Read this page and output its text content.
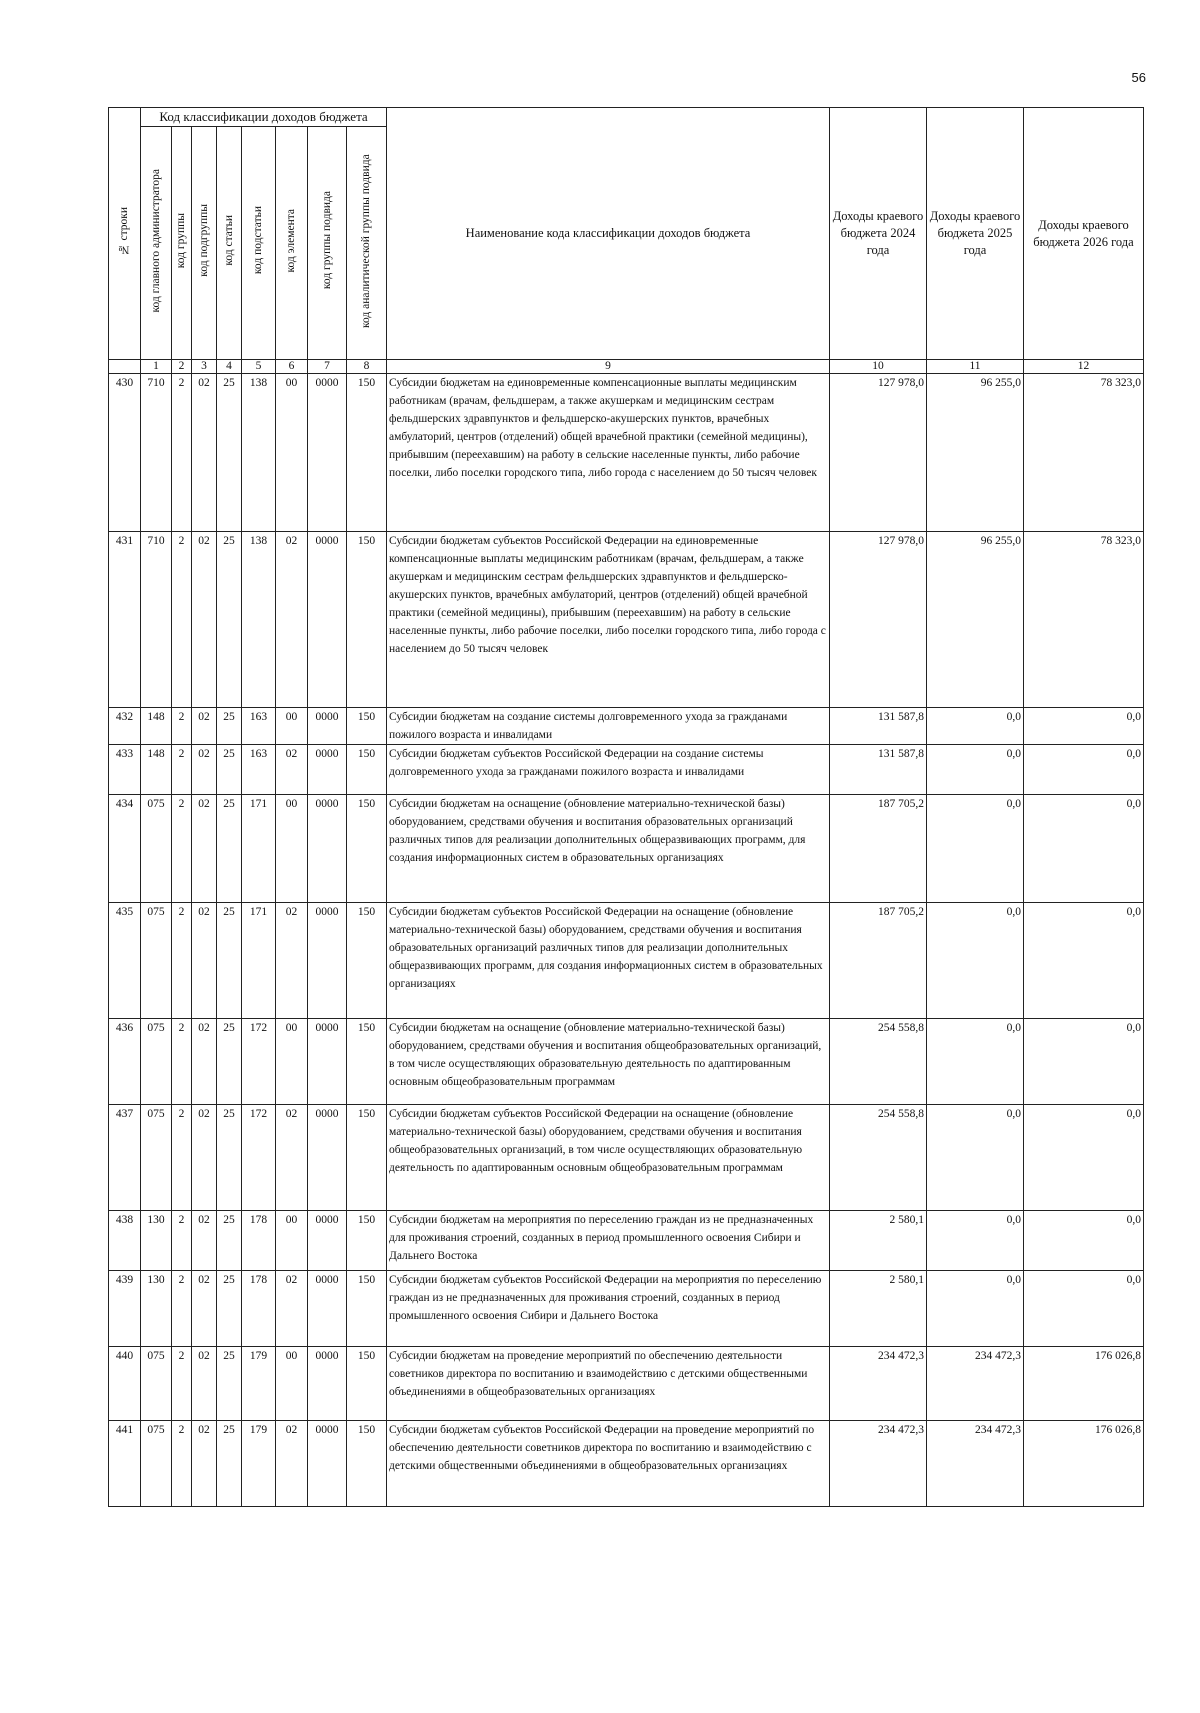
56
№ строки	Код классификации доходов бюджета								Наименование кода классификации доходов бюджета	Доходы краевого бюджета 2024 года	Доходы краевого бюджета 2025 года	Доходы краевого бюджета 2026 года
	код главного администратора	код группы	код подгруппы	код статьи	код подстатьи	код элемента	код группы подвида	код аналитической группы подвида				
	1	2	3	4	5	6	7	8	9	10	11	12
430	710	2	02	25	138	00	0000	150	Субсидии бюджетам на единовременные компенсационные выплаты медицинским работникам (врачам, фельдшерам, а также акушеркам и медицинским сестрам фельдшерских здравпунктов и фельдшерско-акушерских пунктов, врачебных амбулаторий, центров (отделений) общей врачебной практики (семейной медицины), прибывшим (переехавшим) на работу в сельские населенные пункты, либо рабочие поселки, либо поселки городского типа, либо города с населением до 50 тысяч человек	127 978,0	96 255,0	78 323,0
431	710	2	02	25	138	02	0000	150	Субсидии бюджетам субъектов Российской Федерации на единовременные компенсационные выплаты медицинским работникам (врачам, фельдшерам, а также акушеркам и медицинским сестрам фельдшерских здравпунктов и фельдшерско-акушерских пунктов, врачебных амбулаторий, центров (отделений) общей врачебной практики (семейной медицины), прибывшим (переехавшим) на работу в сельские населенные пункты, либо рабочие поселки, либо поселки городского типа, либо города с населением до 50 тысяч человек	127 978,0	96 255,0	78 323,0
432	148	2	02	25	163	00	0000	150	Субсидии бюджетам на создание системы долговременного ухода за гражданами пожилого возраста и инвалидами	131 587,8	0,0	0,0
433	148	2	02	25	163	02	0000	150	Субсидии бюджетам субъектов Российской Федерации на создание системы долговременного ухода за гражданами пожилого возраста и инвалидами	131 587,8	0,0	0,0
434	075	2	02	25	171	00	0000	150	Субсидии бюджетам на оснащение (обновление материально-технической базы) оборудованием, средствами обучения и воспитания образовательных организаций различных типов для реализации дополнительных общеразвивающих программ, для создания информационных систем в образовательных организациях	187 705,2	0,0	0,0
435	075	2	02	25	171	02	0000	150	Субсидии бюджетам субъектов Российской Федерации на оснащение (обновление материально-технической базы) оборудованием, средствами обучения и воспитания образовательных организаций различных типов для реализации дополнительных общеразвивающих программ, для создания информационных систем в образовательных организациях	187 705,2	0,0	0,0
436	075	2	02	25	172	00	0000	150	Субсидии бюджетам на оснащение (обновление материально-технической базы) оборудованием, средствами обучения и воспитания общеобразовательных организаций, в том числе осуществляющих образовательную деятельность по адаптированным основным общеобразовательным программам	254 558,8	0,0	0,0
437	075	2	02	25	172	02	0000	150	Субсидии бюджетам субъектов Российской Федерации на оснащение (обновление материально-технической базы) оборудованием, средствами обучения и воспитания общеобразовательных организаций, в том числе осуществляющих образовательную деятельность по адаптированным основным общеобразовательным программам	254 558,8	0,0	0,0
438	130	2	02	25	178	00	0000	150	Субсидии бюджетам на мероприятия по переселению граждан из не предназначенных для проживания строений, созданных в период промышленного освоения Сибири и Дальнего Востока	2 580,1	0,0	0,0
439	130	2	02	25	178	02	0000	150	Субсидии бюджетам субъектов Российской Федерации на мероприятия по переселению граждан из не предназначенных для проживания строений, созданных в период промышленного освоения Сибири и Дальнего Востока	2 580,1	0,0	0,0
440	075	2	02	25	179	00	0000	150	Субсидии бюджетам на проведение мероприятий по обеспечению деятельности советников директора по воспитанию и взаимодействию с детскими общественными объединениями в общеобразовательных организациях	234 472,3	234 472,3	176 026,8
441	075	2	02	25	179	02	0000	150	Субсидии бюджетам субъектов Российской Федерации на проведение мероприятий по обеспечению деятельности советников директора по воспитанию и взаимодействию с детскими общественными объединениями в общеобразовательных организациях	234 472,3	234 472,3	176 026,8
